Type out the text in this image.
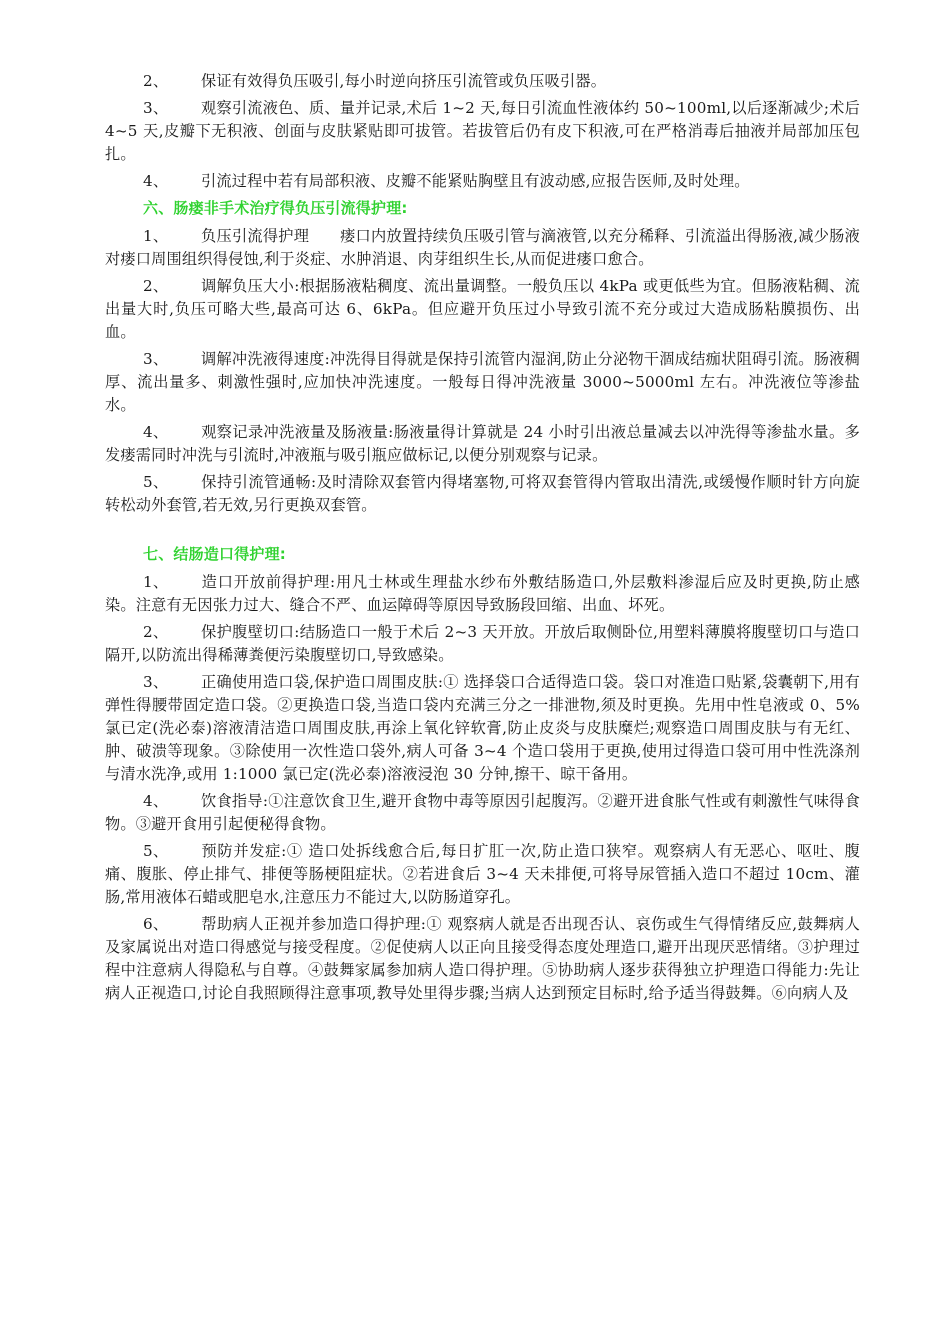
2、 保证有效得负压吸引,每小时逆向挤压引流管或负压吸引器。

3、 观察引流液色、质、量并记录,术后 1~2 天,每日引流血性液体约 50~100ml,以后逐渐减少;术后 4~5 天,皮瓣下无积液、创面与皮肤紧贴即可拔管。若拔管后仍有皮下积液,可在严格消毒后抽液并局部加压包扎。

4、 引流过程中若有局部积液、皮瓣不能紧贴胸壁且有波动感,应报告医师,及时处理。

六、肠瘘非手术治疗得负压引流得护理:

1、 负压引流得护理　　瘘口内放置持续负压吸引管与滴液管,以充分稀释、引流溢出得肠液,减少肠液对瘘口周围组织得侵蚀,利于炎症、水肿消退、肉芽组织生长,从而促进瘘口愈合。

2、 调解负压大小:根据肠液粘稠度、流出量调整。一般负压以 4kPa 或更低些为宜。但肠液粘稠、流出量大时,负压可略大些,最高可达 6、6kPa。但应避开负压过小导致引流不充分或过大造成肠粘膜损伤、出血。

3、 调解冲洗液得速度:冲洗得目得就是保持引流管内湿润,防止分泌物干涸成结痂状阻碍引流。肠液稠厚、流出量多、刺激性强时,应加快冲洗速度。一般每日得冲洗液量 3000~5000ml 左右。冲洗液位等渗盐水。

4、 观察记录冲洗液量及肠液量:肠液量得计算就是 24 小时引出液总量减去以冲洗得等渗盐水量。多发瘘需同时冲洗与引流时,冲液瓶与吸引瓶应做标记,以便分别观察与记录。

5、 保持引流管通畅:及时清除双套管内得堵塞物,可将双套管得内管取出清洗,或缓慢作顺时针方向旋转松动外套管,若无效,另行更换双套管。

七、结肠造口得护理:

1、 造口开放前得护理:用凡士林或生理盐水纱布外敷结肠造口,外层敷料渗湿后应及时更换,防止感染。注意有无因张力过大、缝合不严、血运障碍等原因导致肠段回缩、出血、坏死。

2、 保护腹壁切口:结肠造口一般于术后 2~3 天开放。开放后取侧卧位,用塑料薄膜将腹壁切口与造口隔开,以防流出得稀薄粪便污染腹壁切口,导致感染。

3、 正确使用造口袋,保护造口周围皮肤:① 选择袋口合适得造口袋。袋口对准造口贴紧,袋囊朝下,用有弹性得腰带固定造口袋。②更换造口袋,当造口袋内充满三分之一排泄物,须及时更换。先用中性皂液或 0、5%氯已定(洗必泰)溶液清洁造口周围皮肤,再涂上氧化锌软膏,防止皮炎与皮肤糜烂;观察造口周围皮肤与有无红、肿、破溃等现象。③除使用一次性造口袋外,病人可备 3~4 个造口袋用于更换,使用过得造口袋可用中性洗涤剂与清水洗净,或用 1:1000 氯已定(洗必泰)溶液浸泡 30 分钟,擦干、晾干备用。

4、 饮食指导:①注意饮食卫生,避开食物中毒等原因引起腹泻。②避开进食胀气性或有刺激性气味得食物。③避开食用引起便秘得食物。

5、 预防并发症:① 造口处拆线愈合后,每日扩肛一次,防止造口狭窄。观察病人有无恶心、呕吐、腹痛、腹胀、停止排气、排便等肠梗阻症状。②若进食后 3~4 天未排便,可将导尿管插入造口不超过 10cm、灌肠,常用液体石蜡或肥皂水,注意压力不能过大,以防肠道穿孔。

6、 帮助病人正视并参加造口得护理:① 观察病人就是否出现否认、哀伤或生气得情绪反应,鼓舞病人及家属说出对造口得感觉与接受程度。②促使病人以正向且接受得态度处理造口,避开出现厌恶情绪。③护理过程中注意病人得隐私与自尊。④鼓舞家属参加病人造口得护理。⑤协助病人逐步获得独立护理造口得能力:先让病人正视造口,讨论自我照顾得注意事项,教导处里得步骤;当病人达到预定目标时,给予适当得鼓舞。⑥向病人及
